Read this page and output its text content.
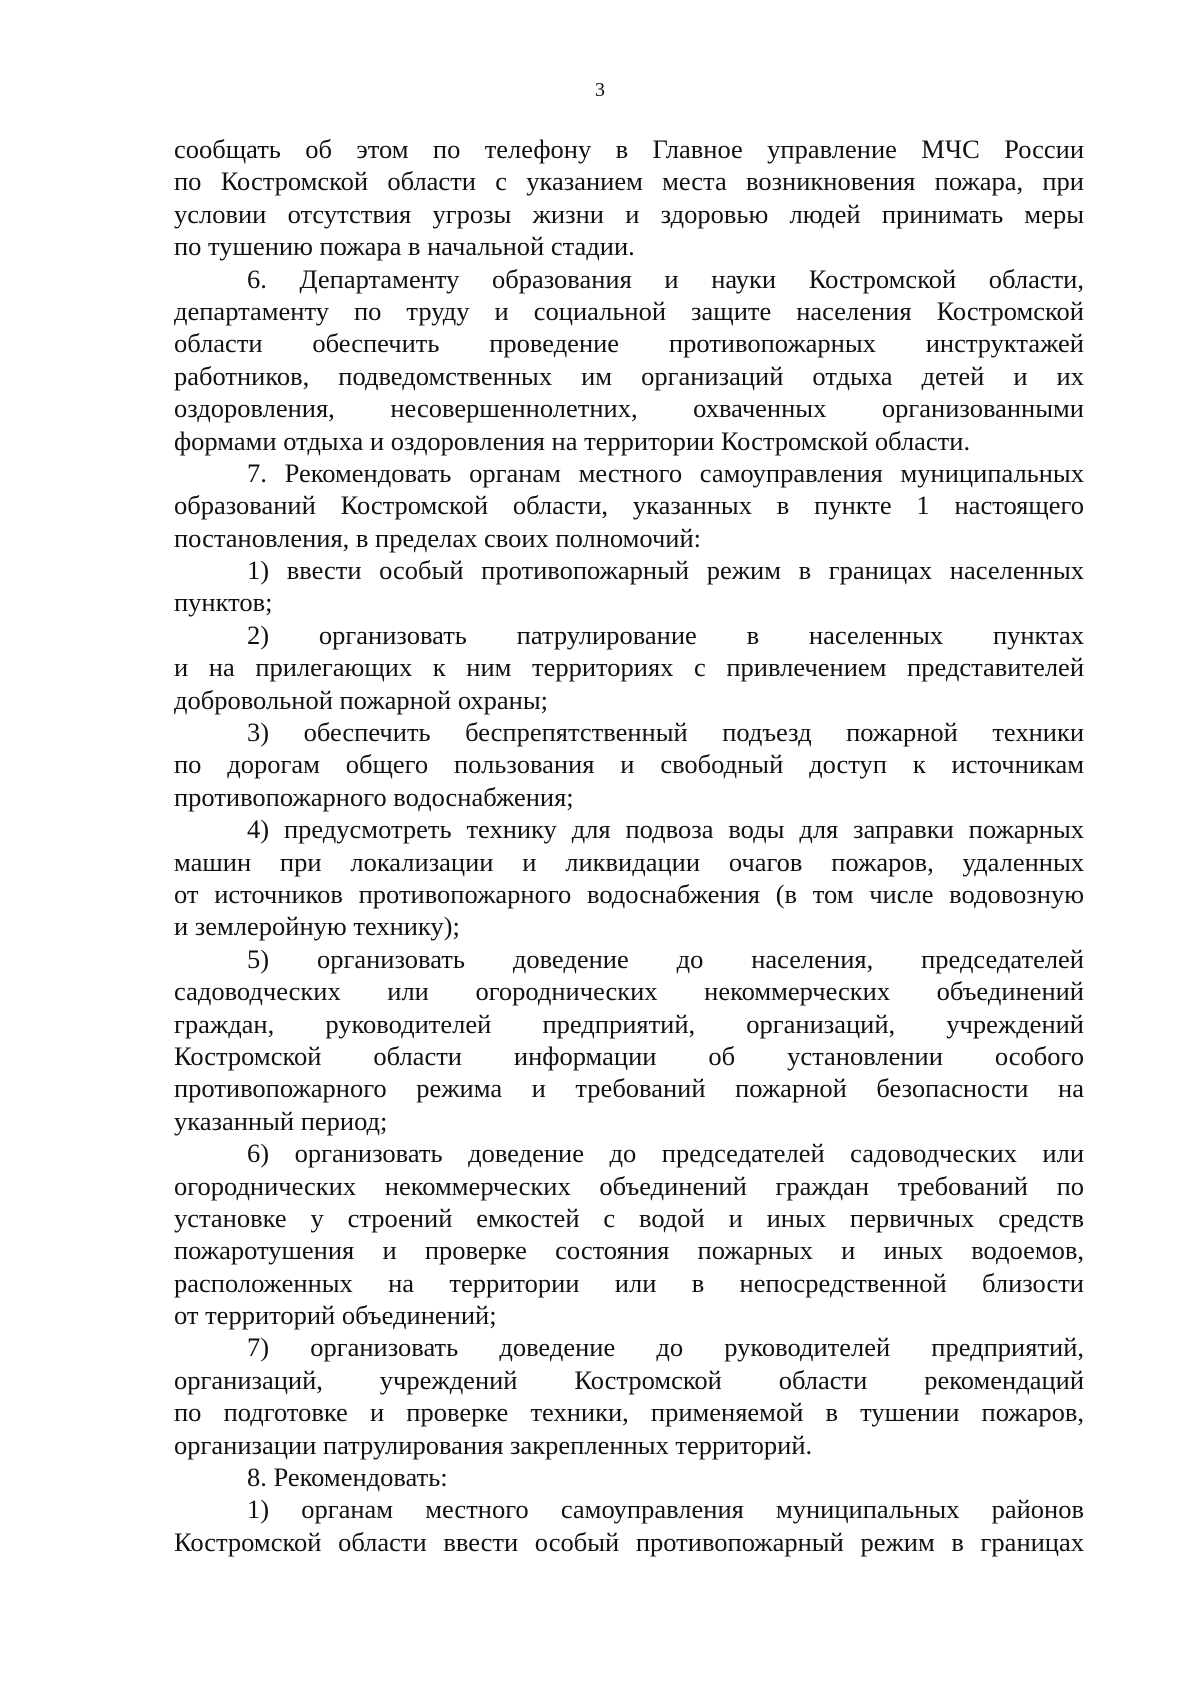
3
сообщать об этом по телефону в Главное управление МЧС России
по Костромской области с указанием места возникновения пожара, при
условии отсутствия угрозы жизни и здоровью людей принимать меры
по тушению пожара в начальной стадии.
6. Департаменту образования и науки Костромской области,
департаменту по труду и социальной защите населения Костромской
области обеспечить проведение противопожарных инструктажей
работников, подведомственных им организаций отдыха детей и их
оздоровления, несовершеннолетних, охваченных организованными
формами отдыха и оздоровления на территории Костромской области.
7. Рекомендовать органам местного самоуправления муниципальных
образований Костромской области, указанных в пункте 1 настоящего
постановления, в пределах своих полномочий:
1) ввести особый противопожарный режим в границах населенных
пунктов;
2) организовать патрулирование в населенных пунктах
и на прилегающих к ним территориях с привлечением представителей
добровольной пожарной охраны;
3) обеспечить беспрепятственный подъезд пожарной техники
по дорогам общего пользования и свободный доступ к источникам
противопожарного водоснабжения;
4) предусмотреть технику для подвоза воды для заправки пожарных
машин при локализации и ликвидации очагов пожаров, удаленных
от источников противопожарного водоснабжения (в том числе водовозную
и землеройную технику);
5) организовать доведение до населения, председателей
садоводческих или огороднических некоммерческих объединений
граждан, руководителей предприятий, организаций, учреждений
Костромской области информации об установлении особого
противопожарного режима и требований пожарной безопасности на
указанный период;
6) организовать доведение до председателей садоводческих или
огороднических некоммерческих объединений граждан требований по
установке у строений емкостей с водой и иных первичных средств
пожаротушения и проверке состояния пожарных и иных водоемов,
расположенных на территории или в непосредственной близости
от территорий объединений;
7) организовать доведение до руководителей предприятий,
организаций, учреждений Костромской области рекомендаций
по подготовке и проверке техники, применяемой в тушении пожаров,
организации патрулирования закрепленных территорий.
8. Рекомендовать:
1) органам местного самоуправления муниципальных районов
Костромской области ввести особый противопожарный режим в границах
